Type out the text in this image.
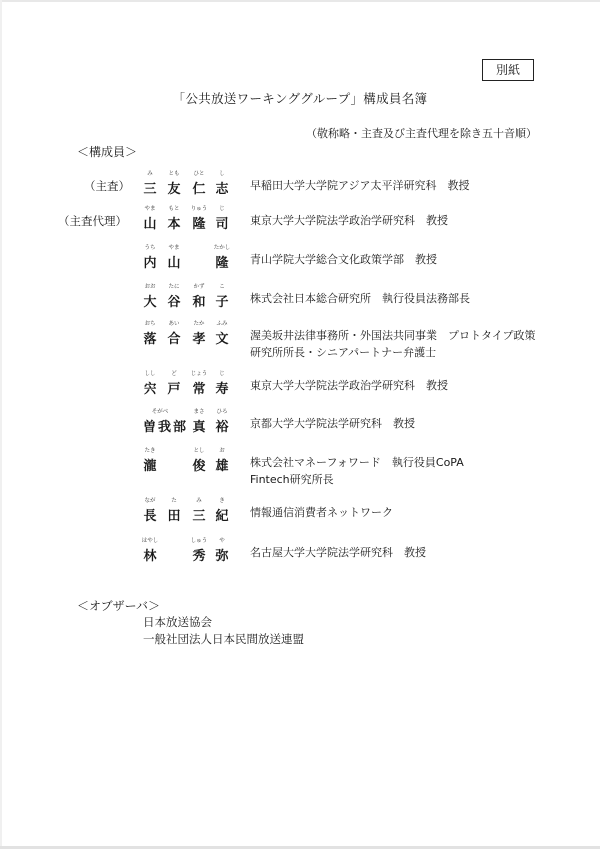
別紙
「公共放送ワーキンググループ」構成員名簿
（敬称略・主査及び主査代理を除き五十音順）
＜構成員＞
（主査）
（主査代理）
三
み
友
とも
仁
ひと
志
し
早稲田大学大学院アジア太平洋研究科　教授
山
やま
本
もと
隆
りゅう
司
じ
東京大学大学院法学政治学研究科　教授
内
うち
山
やま
隆
たかし
青山学院大学総合文化政策学部　教授
大
おお
谷
たに
和
かず
子
こ
株式会社日本総合研究所　執行役員法務部長
落
おち
合
あい
孝
たか
文
ふみ
渥美坂井法律事務所・外国法共同事業　プロトタイプ政策
研究所所長・シニアパートナー弁護士
宍
しし
戸
ど
常
じょう
寿
じ
東京大学大学院法学政治学研究科　教授
曽我部
そがべ
真
まさ
裕
ひろ
京都大学大学院法学研究科　教授
瀧
たき
俊
とし
雄
お
株式会社マネーフォワード　執行役員CoPA
Fintech研究所長
長
なが
田
た
三
み
紀
き
情報通信消費者ネットワーク
林
はやし
秀
しゅう
弥
や
名古屋大学大学院法学研究科　教授
＜オブザーバ＞
日本放送協会
一般社団法人日本民間放送連盟
